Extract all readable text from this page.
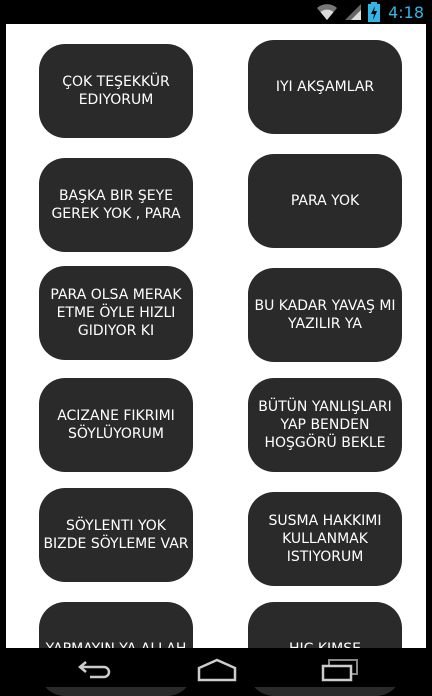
4:18
ÇOK TEŞEKKÜR EDIYORUM
IYI AKŞAMLAR
BAŞKA BIR ŞEYE GEREK YOK , PARA
PARA YOK
PARA OLSA MERAK ETME ÖYLE HIZLI GIDIYOR KI
BU KADAR YAVAŞ MI YAZILIR YA
ACIZANE FIKRIMI SÖYLÜYORUM
BÜTÜN YANLIŞLARI YAP BENDEN HOŞGÖRÜ BEKLE
SÖYLENTI YOK BIZDE SÖYLEME VAR
SUSMA HAKKIMI KULLANMAK ISTIYORUM
